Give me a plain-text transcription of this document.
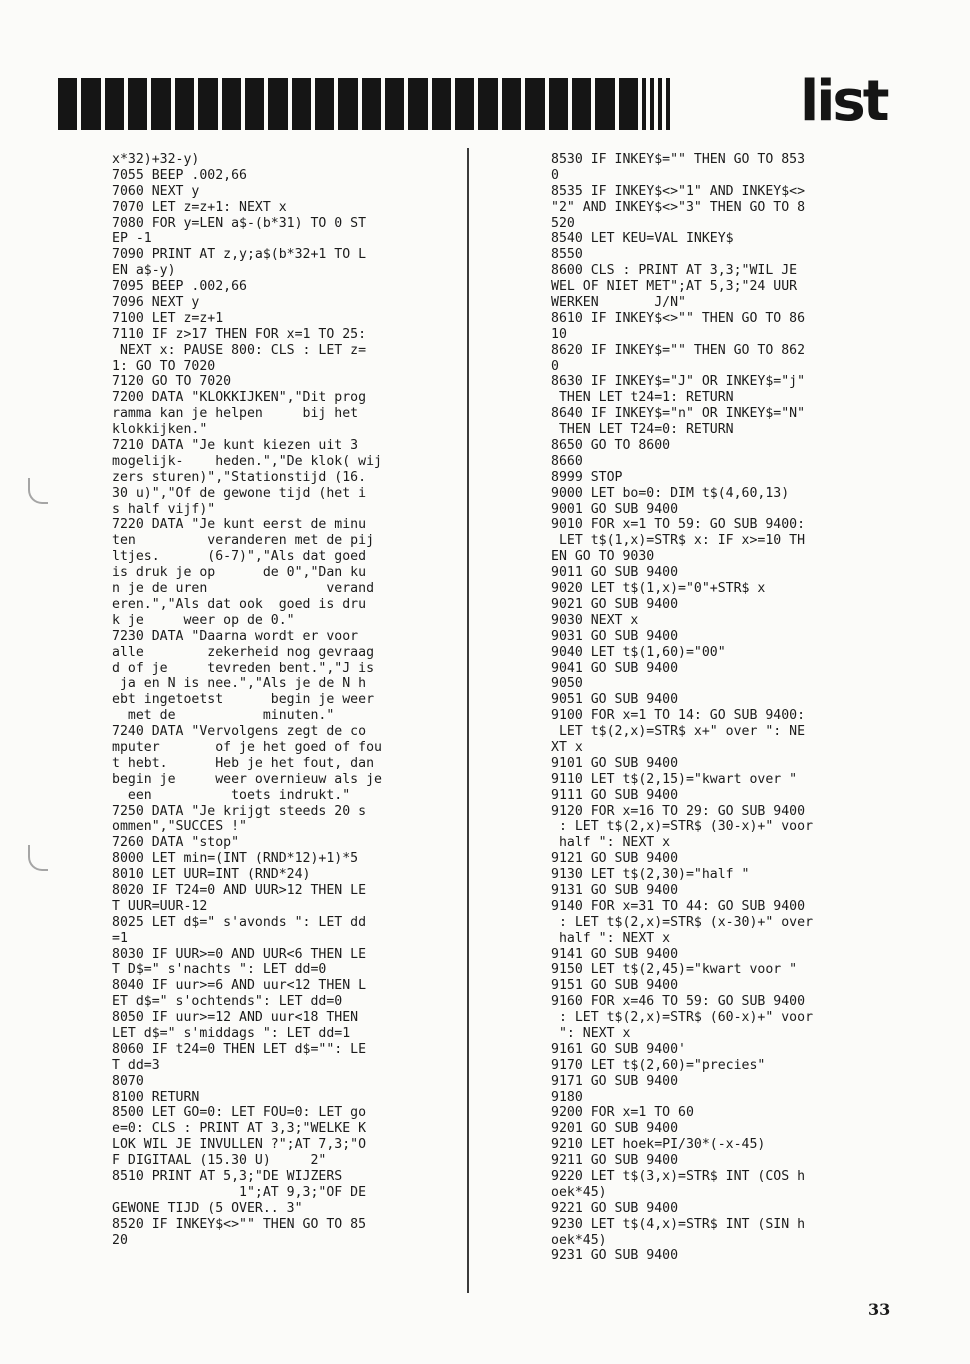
list
x*32)+32-y)
7055 BEEP .002,66
7060 NEXT y
7070 LET z=z+1: NEXT x
7080 FOR y=LEN a$-(b*31) TO 0 ST
EP -1
7090 PRINT AT z,y;a$(b*32+1 TO L
EN a$-y)
7095 BEEP .002,66
7096 NEXT y
7100 LET z=z+1
7110 IF z>17 THEN FOR x=1 TO 25:
NEXT x: PAUSE 800: CLS : LET z=
1: GO TO 7020
7120 GO TO 7020
7200 DATA "KLOKKIJKEN","Dit prog
ramma kan je helpen     bij het
klokkijken."
7210 DATA "Je kunt kiezen uit 3
mogelijk-    heden.","De klok( wij
zers sturen)","Stationstijd (16.
30 u)","Of de gewone tijd (het i
s half vijf)"
7220 DATA "Je kunt eerst de minu
ten         veranderen met de pij
ltjes.      (6-7)","Als dat goed
is druk je op      de 0","Dan ku
n je de uren               verand
eren.","Als dat ook  goed is dru
k je     weer op de 0."
7230 DATA "Daarna wordt er voor
alle        zekerheid nog gevraag
d of je     tevreden bent.","J is
ja en N is nee.","Als je de N h
ebt ingetoetst      begin je weer
met de           minuten."
7240 DATA "Vervolgens zegt de co
mputer       of je het goed of fou
t hebt.      Heb je het fout, dan
begin je     weer overnieuw als je
een          toets indrukt."
7250 DATA "Je krijgt steeds 20 s
ommen","SUCCES !"
7260 DATA "stop"
8000 LET min=(INT (RND*12)+1)*5
8010 LET UUR=INT (RND*24)
8020 IF T24=0 AND UUR>12 THEN LE
T UUR=UUR-12
8025 LET d$=" s'avonds ": LET dd
=1
8030 IF UUR>=0 AND UUR<6 THEN LE
T D$=" s'nachts ": LET dd=0
8040 IF uur>=6 AND uur<12 THEN L
ET d$=" s'ochtends": LET dd=0
8050 IF uur>=12 AND uur<18 THEN
LET d$=" s'middags ": LET dd=1
8060 IF t24=0 THEN LET d$="": LE
T dd=3
8070
8100 RETURN
8500 LET GO=0: LET FOU=0: LET go
e=0: CLS : PRINT AT 3,3;"WELKE K
LOK WIL JE INVULLEN ?";AT 7,3;"O
F DIGITAAL (15.30 U)     2"
8510 PRINT AT 5,3;"DE WIJZERS
1";AT 9,3;"OF DE
GEWONE TIJD (5 OVER.. 3"
8520 IF INKEY$<>"" THEN GO TO 85
20
8530 IF INKEY$="" THEN GO TO 853
0
8535 IF INKEY$<>"1" AND INKEY$<>
"2" AND INKEY$<>"3" THEN GO TO 8
520
8540 LET KEU=VAL INKEY$
8550
8600 CLS : PRINT AT 3,3;"WIL JE
WEL OF NIET MET";AT 5,3;"24 UUR
WERKEN       J/N"
8610 IF INKEY$<>"" THEN GO TO 86
10
8620 IF INKEY$="" THEN GO TO 862
0
8630 IF INKEY$="J" OR INKEY$="j"
THEN LET t24=1: RETURN
8640 IF INKEY$="n" OR INKEY$="N"
THEN LET T24=0: RETURN
8650 GO TO 8600
8660
8999 STOP
9000 LET bo=0: DIM t$(4,60,13)
9001 GO SUB 9400
9010 FOR x=1 TO 59: GO SUB 9400:
LET t$(1,x)=STR$ x: IF x>=10 TH
EN GO TO 9030
9011 GO SUB 9400
9020 LET t$(1,x)="0"+STR$ x
9021 GO SUB 9400
9030 NEXT x
9031 GO SUB 9400
9040 LET t$(1,60)="00"
9041 GO SUB 9400
9050
9051 GO SUB 9400
9100 FOR x=1 TO 14: GO SUB 9400:
LET t$(2,x)=STR$ x+" over ": NE
XT x
9101 GO SUB 9400
9110 LET t$(2,15)="kwart over "
9111 GO SUB 9400
9120 FOR x=16 TO 29: GO SUB 9400
: LET t$(2,x)=STR$ (30-x)+" voor
half ": NEXT x
9121 GO SUB 9400
9130 LET t$(2,30)="half "
9131 GO SUB 9400
9140 FOR x=31 TO 44: GO SUB 9400
: LET t$(2,x)=STR$ (x-30)+" over
half ": NEXT x
9141 GO SUB 9400
9150 LET t$(2,45)="kwart voor "
9151 GO SUB 9400
9160 FOR x=46 TO 59: GO SUB 9400
: LET t$(2,x)=STR$ (60-x)+" voor
": NEXT x
9161 GO SUB 9400'
9170 LET t$(2,60)="precies"
9171 GO SUB 9400
9180
9200 FOR x=1 TO 60
9201 GO SUB 9400
9210 LET hoek=PI/30*(-x-45)
9211 GO SUB 9400
9220 LET t$(3,x)=STR$ INT (COS h
oek*45)
9221 GO SUB 9400
9230 LET t$(4,x)=STR$ INT (SIN h
oek*45)
9231 GO SUB 9400
33
